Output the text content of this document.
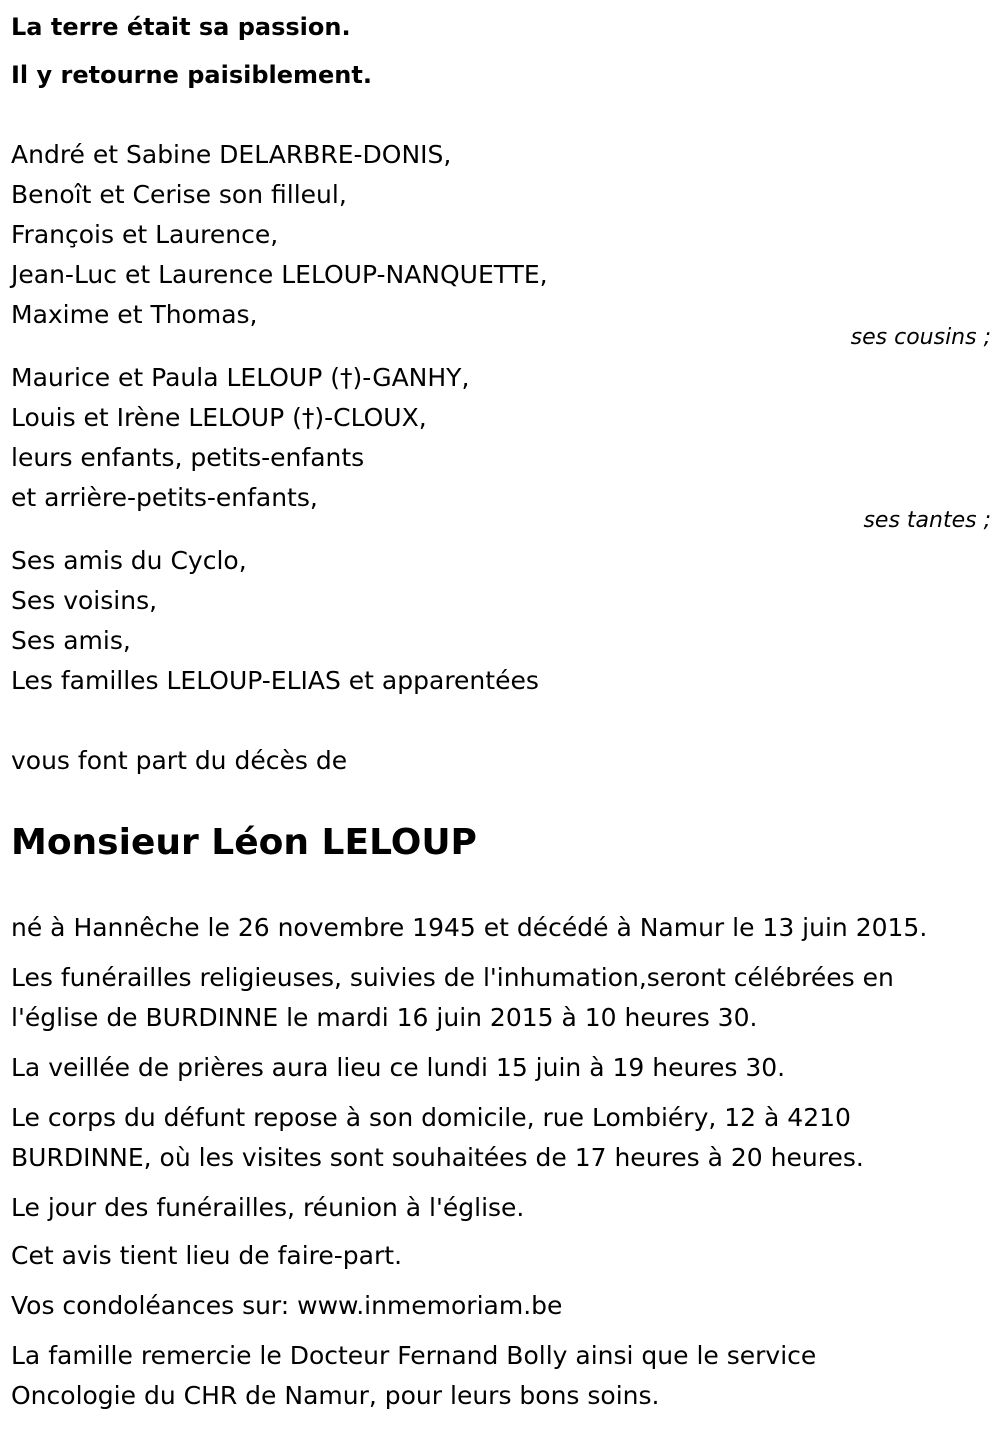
La terre était sa passion.
Il y retourne paisiblement.
André et Sabine DELARBRE-DONIS,
Benoît et Cerise son filleul,
François et Laurence,
Jean-Luc et Laurence LELOUP-NANQUETTE,
Maxime et Thomas,
ses cousins ;
Maurice et Paula LELOUP (†)-GANHY,
Louis et Irène LELOUP (†)-CLOUX,
leurs enfants, petits-enfants
et arrière-petits-enfants,
ses tantes ;
Ses amis du Cyclo,
Ses voisins,
Ses amis,
Les familles LELOUP-ELIAS et apparentées
vous font part du décès de
Monsieur Léon LELOUP
né à Hannêche le 26 novembre 1945 et décédé à Namur le 13 juin 2015.
Les funérailles religieuses, suivies de l'inhumation,seront célébrées en
l'église de BURDINNE le mardi 16 juin 2015 à 10 heures 30.
La veillée de prières aura lieu ce lundi 15 juin à 19 heures 30.
Le corps du défunt repose à son domicile, rue Lombiéry, 12 à 4210
BURDINNE, où les visites sont souhaitées de 17 heures à 20 heures.
Le jour des funérailles, réunion à l'église.
Cet avis tient lieu de faire-part.
Vos condoléances sur: www.inmemoriam.be
La famille remercie le Docteur Fernand Bolly ainsi que le service
Oncologie du CHR de Namur, pour leurs bons soins.
